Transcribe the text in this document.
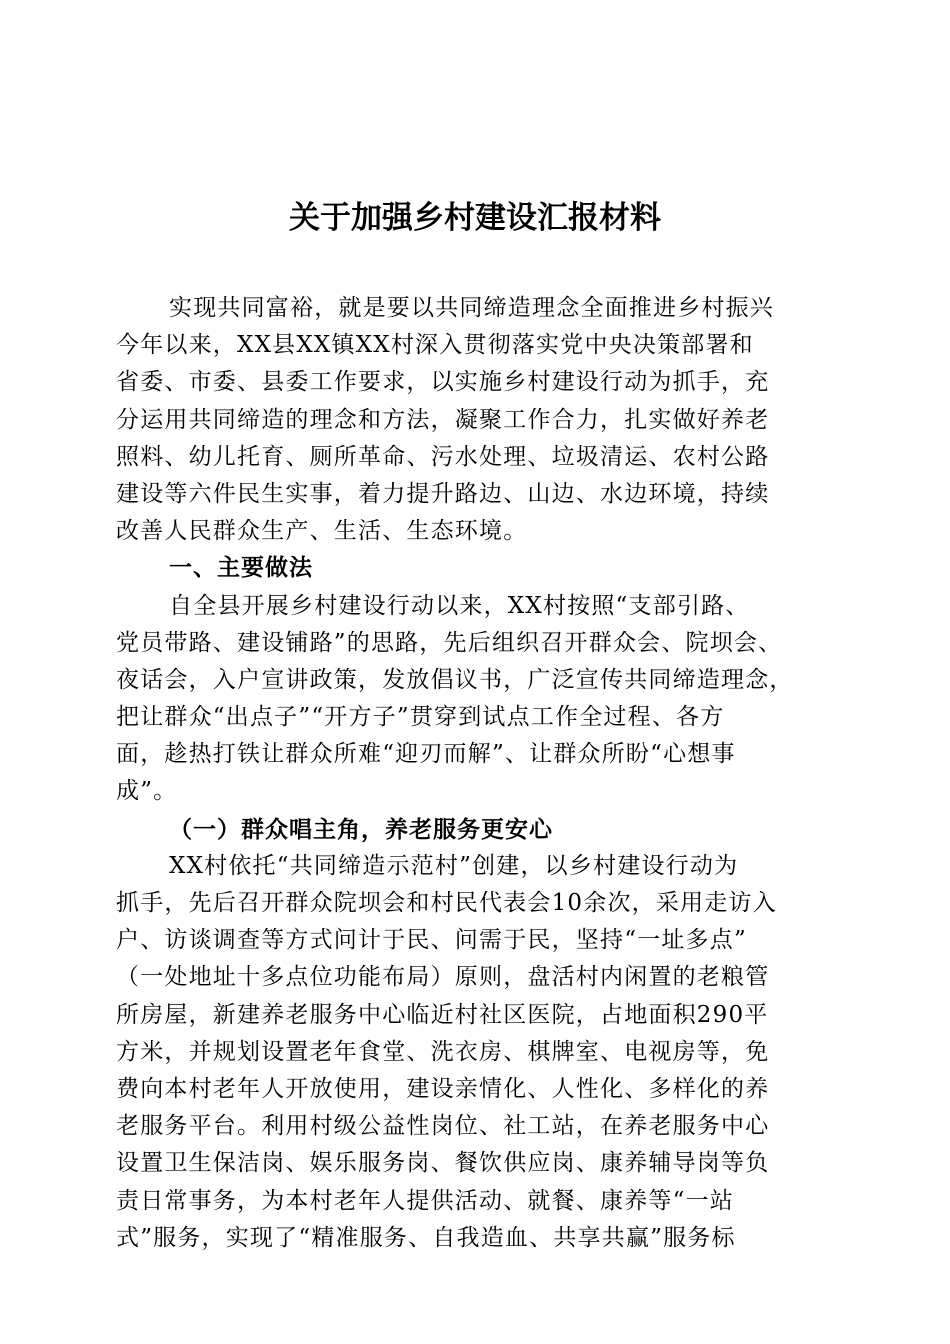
关于加强乡村建设汇报材料
实现共同富裕，就是要以共同缔造理念全面推进乡村振兴
今年以来，XX县XX镇XX村深入贯彻落实党中央决策部署和
省委、市委、县委工作要求，以实施乡村建设行动为抓手，充
分运用共同缔造的理念和方法，凝聚工作合力，扎实做好养老
照料、幼儿托育、厕所革命、污水处理、垃圾清运、农村公路
建设等六件民生实事，着力提升路边、山边、水边环境，持续
改善人民群众生产、生活、生态环境。
一、主要做法
自全县开展乡村建设行动以来，XX村按照“支部引路、
党员带路、建设铺路”的思路，先后组织召开群众会、院坝会、
夜话会，入户宣讲政策，发放倡议书，广泛宣传共同缔造理念，
把让群众“出点子”“开方子”贯穿到试点工作全过程、各方
面，趁热打铁让群众所难“迎刃而解”、让群众所盼“心想事
成”。
（一）群众唱主角，养老服务更安心
XX村依托“共同缔造示范村”创建，以乡村建设行动为
抓手，先后召开群众院坝会和村民代表会10余次，采用走访入
户、访谈调查等方式问计于民、问需于民，坚持“一址多点”
（一处地址十多点位功能布局）原则，盘活村内闲置的老粮管
所房屋，新建养老服务中心临近村社区医院，占地面积290平
方米，并规划设置老年食堂、洗衣房、棋牌室、电视房等，免
费向本村老年人开放使用，建设亲情化、人性化、多样化的养
老服务平台。利用村级公益性岗位、社工站，在养老服务中心
设置卫生保洁岗、娱乐服务岗、餐饮供应岗、康养辅导岗等负
责日常事务，为本村老年人提供活动、就餐、康养等“一站
式”服务，实现了“精准服务、自我造血、共享共赢”服务标
